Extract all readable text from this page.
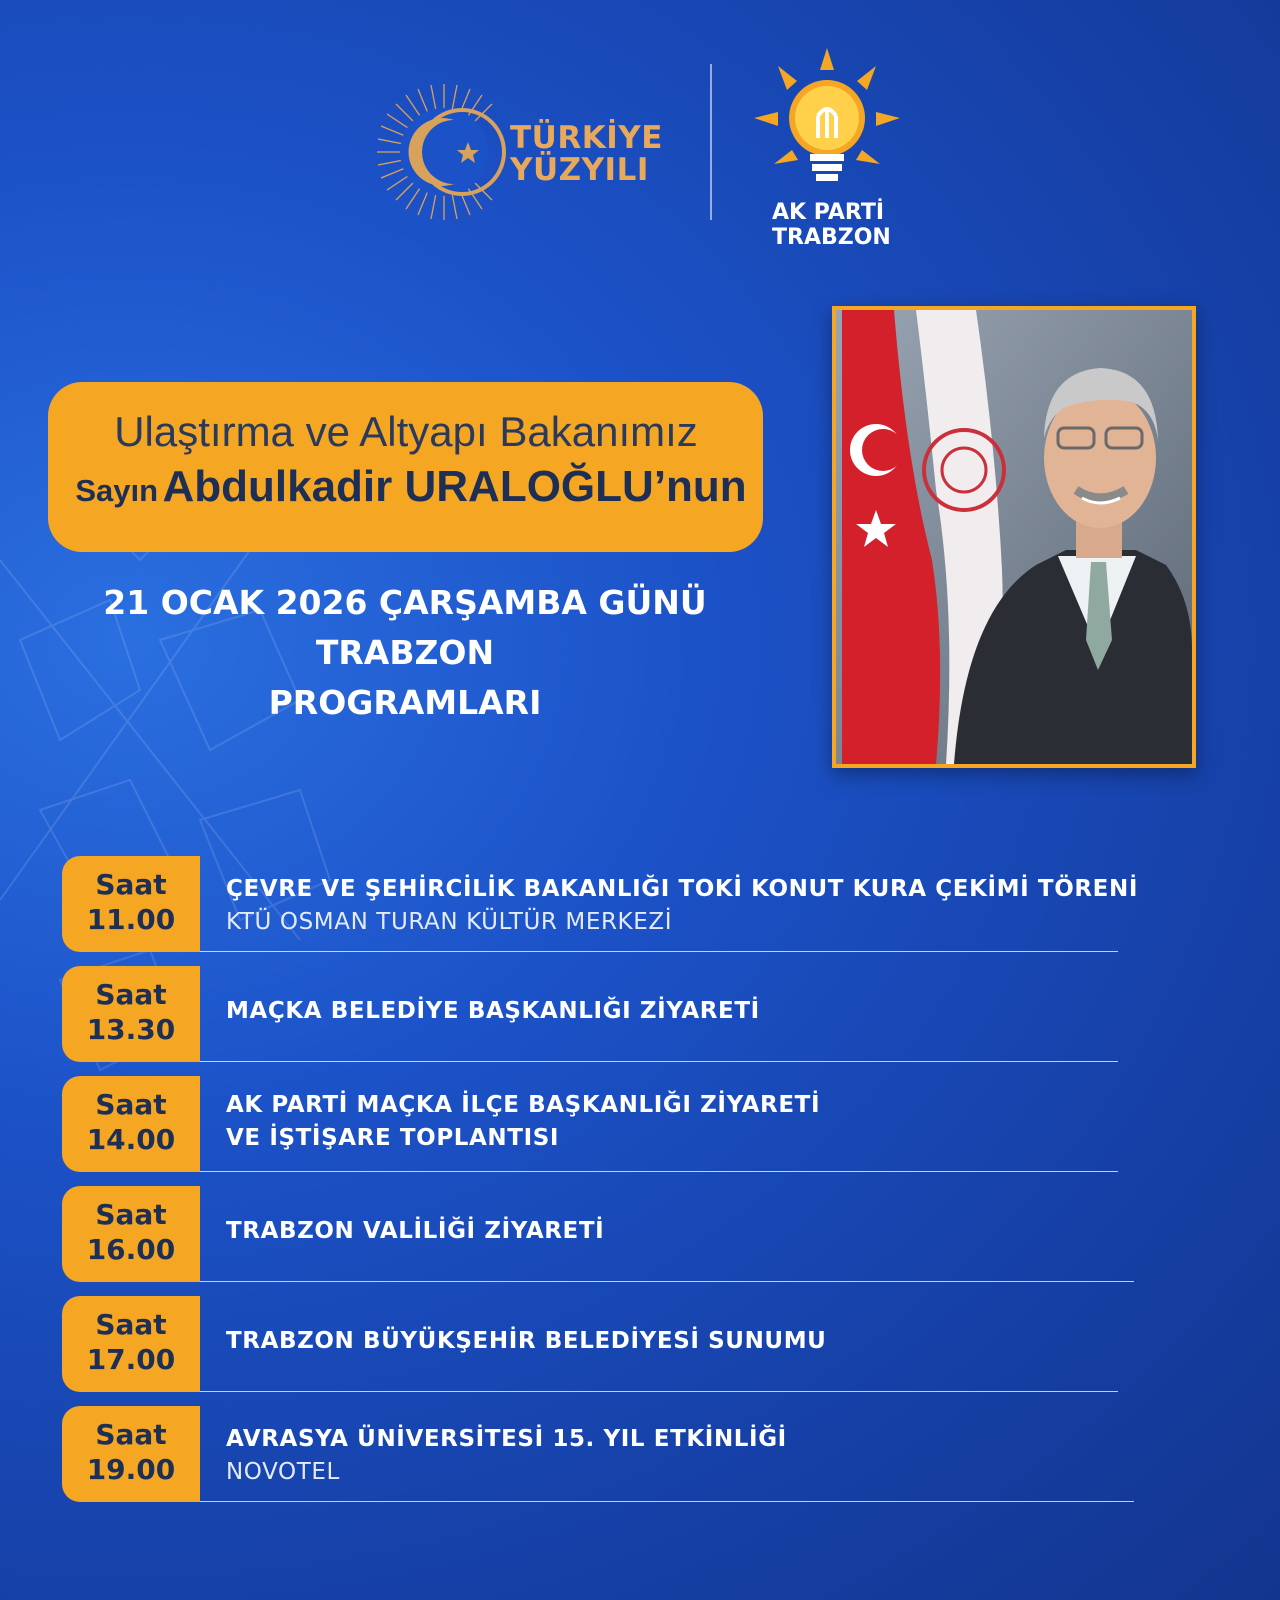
TÜRKİYE
YÜZYILI
AK PARTİ
TRABZON
Ulaştırma ve Altyapı Bakanımız
Sayın Abdulkadir URALOĞLU’nun
21 OCAK 2026 ÇARŞAMBA GÜNÜ
TRABZON
PROGRAMLARI
Saat
11.00
ÇEVRE VE ŞEHİRCİLİK BAKANLIĞI TOKİ KONUT KURA ÇEKİMİ TÖRENİ
KTÜ OSMAN TURAN KÜLTÜR MERKEZİ
Saat
13.30
MAÇKA BELEDİYE BAŞKANLIĞI ZİYARETİ
Saat
14.00
AK PARTİ MAÇKA İLÇE BAŞKANLIĞI ZİYARETİ
VE İŞTİŞARE TOPLANTISI
Saat
16.00
TRABZON VALİLİĞİ ZİYARETİ
Saat
17.00
TRABZON BÜYÜKŞEHİR BELEDİYESİ SUNUMU
Saat
19.00
AVRASYA ÜNİVERSİTESİ 15. YIL ETKİNLİĞİ
NOVOTEL
